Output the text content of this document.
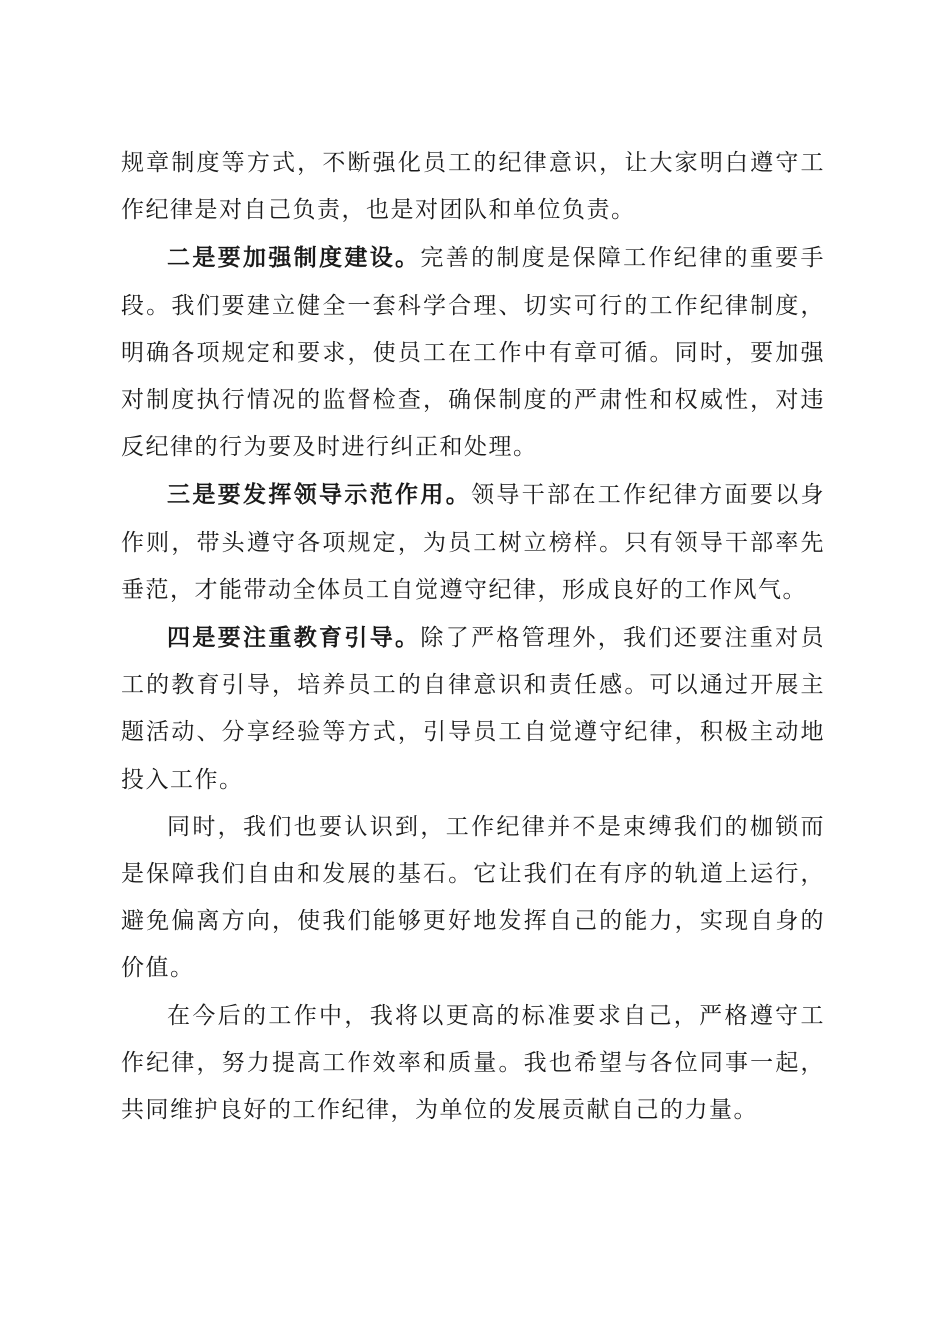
规章制度等方式，不断强化员工的纪律意识，让大家明白遵守工作纪律是对自己负责，也是对团队和单位负责。

二是要加强制度建设。完善的制度是保障工作纪律的重要手段。我们要建立健全一套科学合理、切实可行的工作纪律制度，明确各项规定和要求，使员工在工作中有章可循。同时，要加强对制度执行情况的监督检查，确保制度的严肃性和权威性，对违反纪律的行为要及时进行纠正和处理。

三是要发挥领导示范作用。领导干部在工作纪律方面要以身作则，带头遵守各项规定，为员工树立榜样。只有领导干部率先垂范，才能带动全体员工自觉遵守纪律，形成良好的工作风气。

四是要注重教育引导。除了严格管理外，我们还要注重对员工的教育引导，培养员工的自律意识和责任感。可以通过开展主题活动、分享经验等方式，引导员工自觉遵守纪律，积极主动地投入工作。

同时，我们也要认识到，工作纪律并不是束缚我们的枷锁而是保障我们自由和发展的基石。它让我们在有序的轨道上运行，避免偏离方向，使我们能够更好地发挥自己的能力，实现自身的价值。

在今后的工作中，我将以更高的标准要求自己，严格遵守工作纪律，努力提高工作效率和质量。我也希望与各位同事一起，共同维护良好的工作纪律，为单位的发展贡献自己的力量。
